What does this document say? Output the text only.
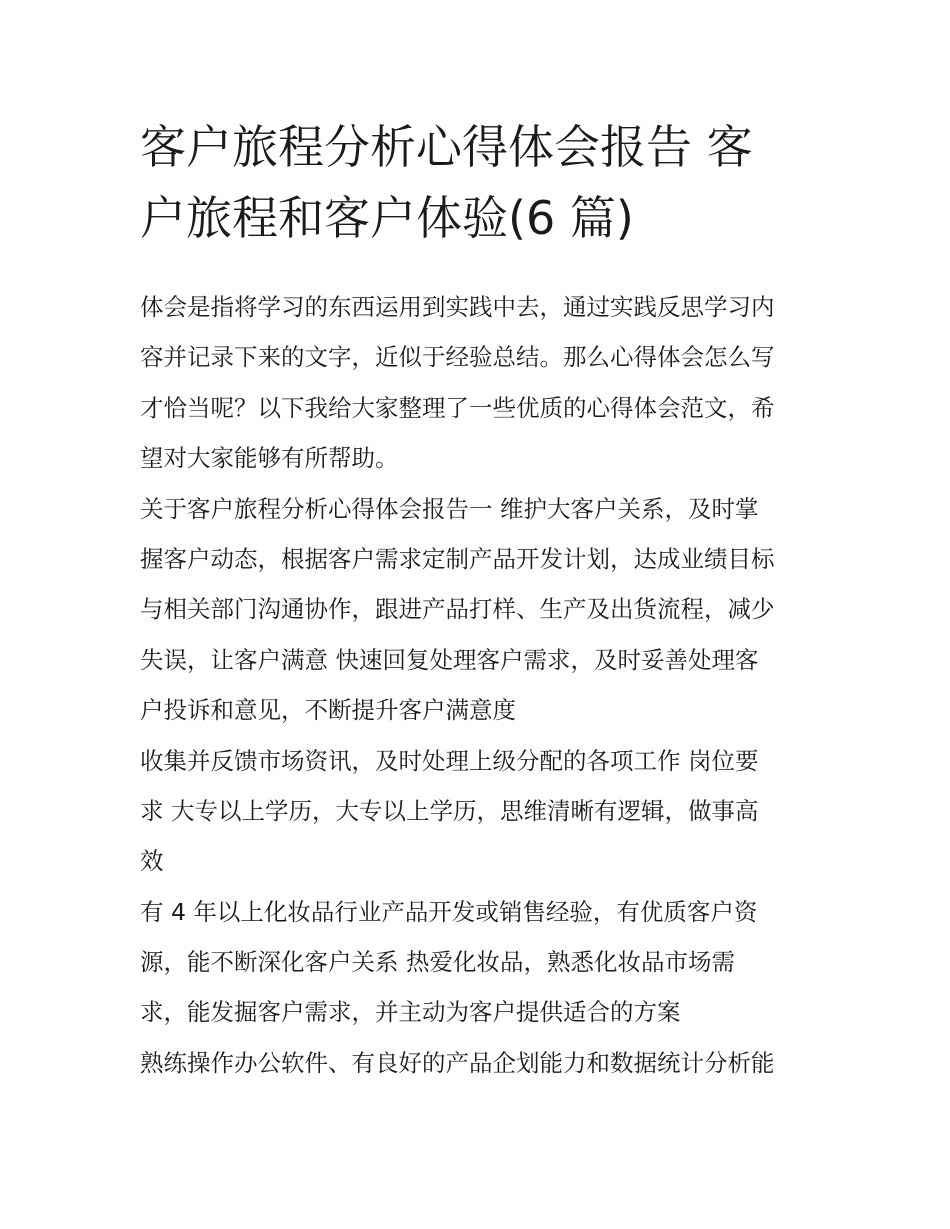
客户旅程分析心得体会报告 客
户旅程和客户体验(6 篇)
体会是指将学习的东西运用到实践中去，通过实践反思学习内
容并记录下来的文字，近似于经验总结。那么心得体会怎么写
才恰当呢？以下我给大家整理了一些优质的心得体会范文，希
望对大家能够有所帮助。
关于客户旅程分析心得体会报告一 维护大客户关系，及时掌
握客户动态，根据客户需求定制产品开发计划，达成业绩目标
与相关部门沟通协作，跟进产品打样、生产及出货流程，减少
失误，让客户满意 快速回复处理客户需求，及时妥善处理客
户投诉和意见，不断提升客户满意度
收集并反馈市场资讯，及时处理上级分配的各项工作 岗位要
求 大专以上学历，大专以上学历，思维清晰有逻辑，做事高
效
有 4 年以上化妆品行业产品开发或销售经验，有优质客户资
源，能不断深化客户关系 热爱化妆品，熟悉化妆品市场需
求，能发掘客户需求，并主动为客户提供适合的方案
熟练操作办公软件、有良好的产品企划能力和数据统计分析能
